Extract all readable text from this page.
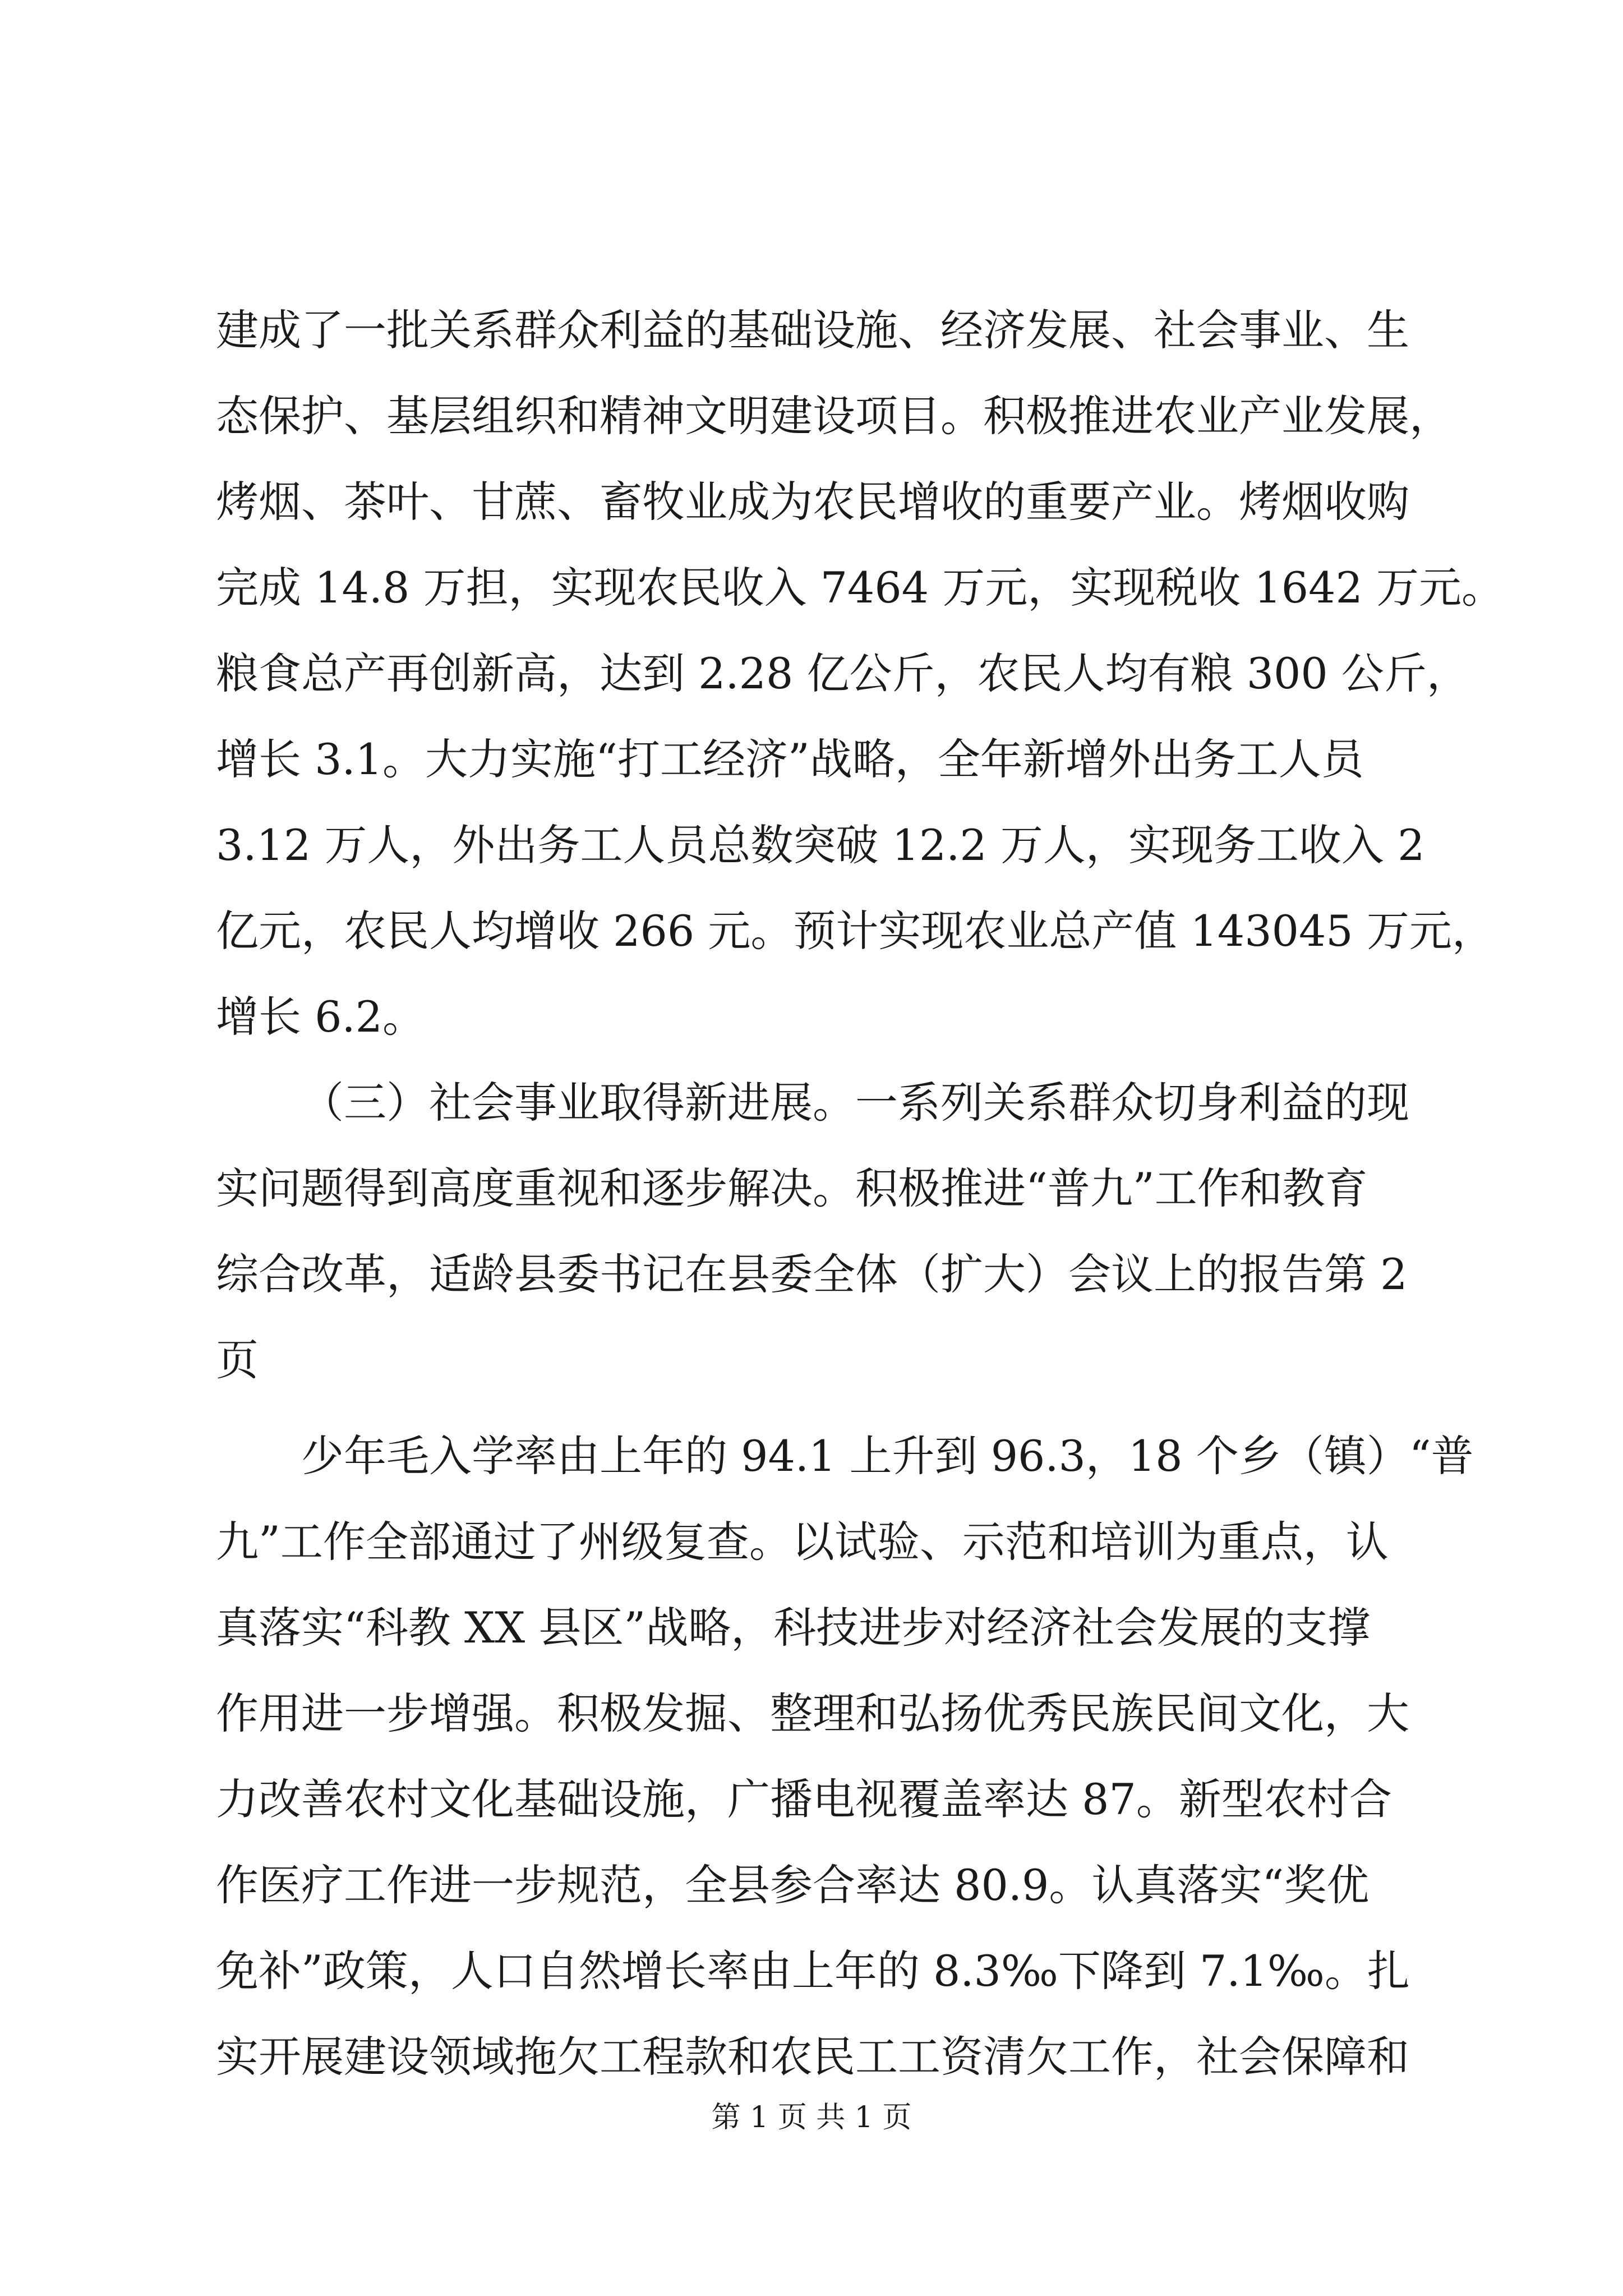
建成了一批关系群众利益的基础设施、经济发展、社会事业、生
态保护、基层组织和精神文明建设项目。积极推进农业产业发展，
烤烟、茶叶、甘蔗、畜牧业成为农民增收的重要产业。烤烟收购
完成 14.8 万担，实现农民收入 7464 万元，实现税收 1642 万元。
粮食总产再创新高，达到 2.28 亿公斤，农民人均有粮 300 公斤，
增长 3.1。大力实施“打工经济”战略，全年新增外出务工人员
3.12 万人，外出务工人员总数突破 12.2 万人，实现务工收入 2
亿元，农民人均增收 266 元。预计实现农业总产值 143045 万元，
增长 6.2。
（三）社会事业取得新进展。一系列关系群众切身利益的现
实问题得到高度重视和逐步解决。积极推进“普九”工作和教育
综合改革，适龄县委书记在县委全体（扩大）会议上的报告第 2
页
少年毛入学率由上年的 94.1 上升到 96.3，18 个乡（镇）“普
九”工作全部通过了州级复查。以试验、示范和培训为重点，认
真落实“科教 XX 县区”战略，科技进步对经济社会发展的支撑
作用进一步增强。积极发掘、整理和弘扬优秀民族民间文化，大
力改善农村文化基础设施，广播电视覆盖率达 87。新型农村合
作医疗工作进一步规范，全县参合率达 80.9。认真落实“奖优
免补”政策，人口自然增长率由上年的 8.3‰下降到 7.1‰。扎
实开展建设领域拖欠工程款和农民工工资清欠工作，社会保障和
第 1 页 共 1 页
